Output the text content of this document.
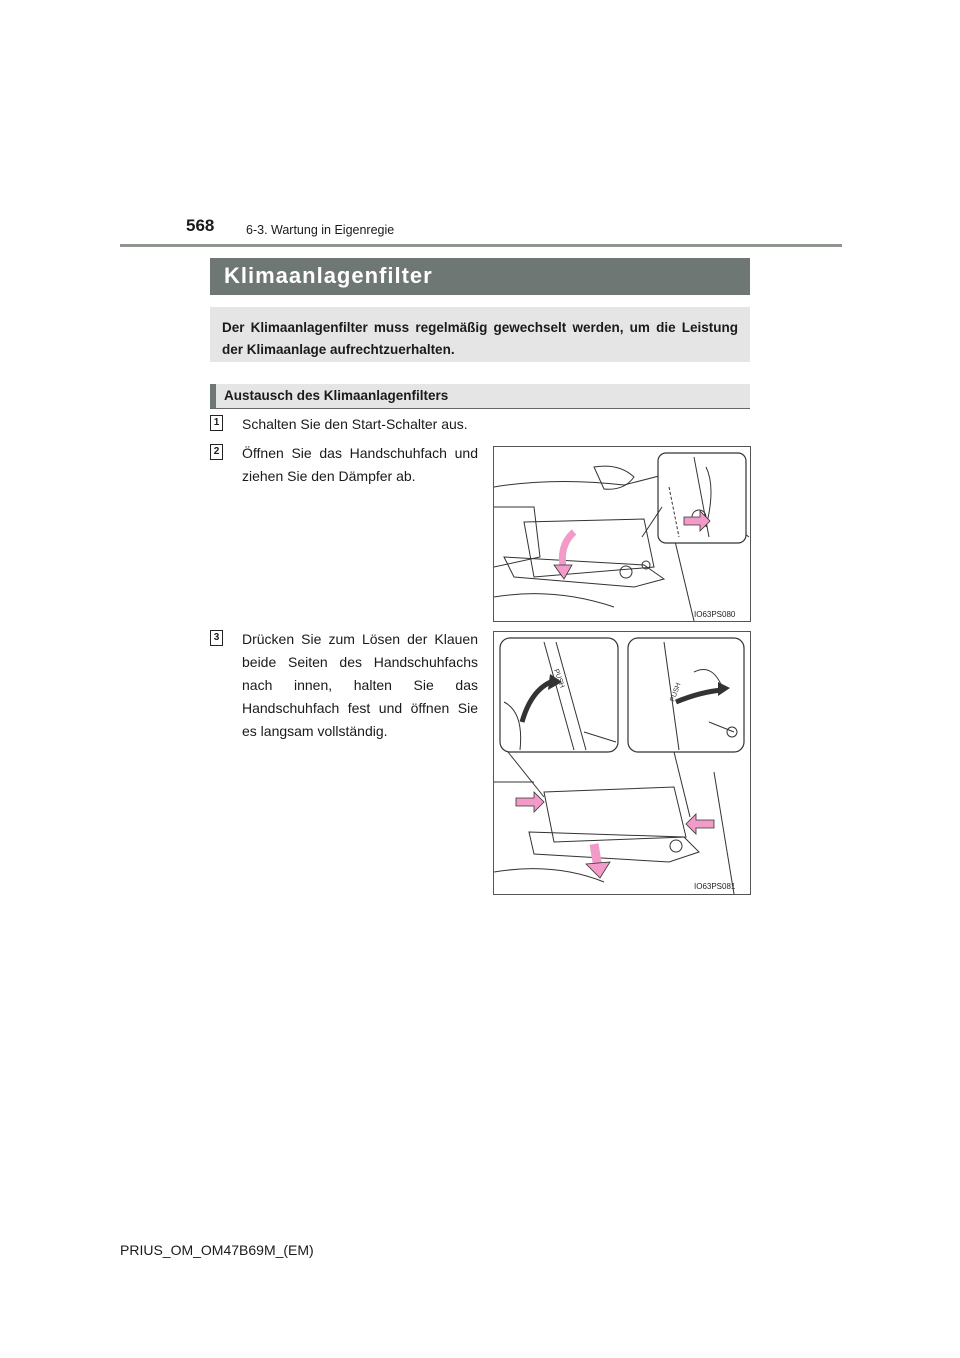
568	6-3. Wartung in Eigenregie
Klimaanlagenfilter
Der Klimaanlagenfilter muss regelmäßig gewechselt werden, um die Leistung der Klimaanlage aufrechtzuerhalten.
Austausch des Klimaanlagenfilters
1 Schalten Sie den Start-Schalter aus.
2 Öffnen Sie das Handschuhfach und ziehen Sie den Dämpfer ab.
3 Drücken Sie zum Lösen der Klauen beide Seiten des Handschuhfachs nach innen, halten Sie das Handschuhfach fest und öffnen Sie es langsam vollständig.
IO63PS080
PUSH
PUSH
IO63PS081
PRIUS_OM_OM47B69M_(EM)
